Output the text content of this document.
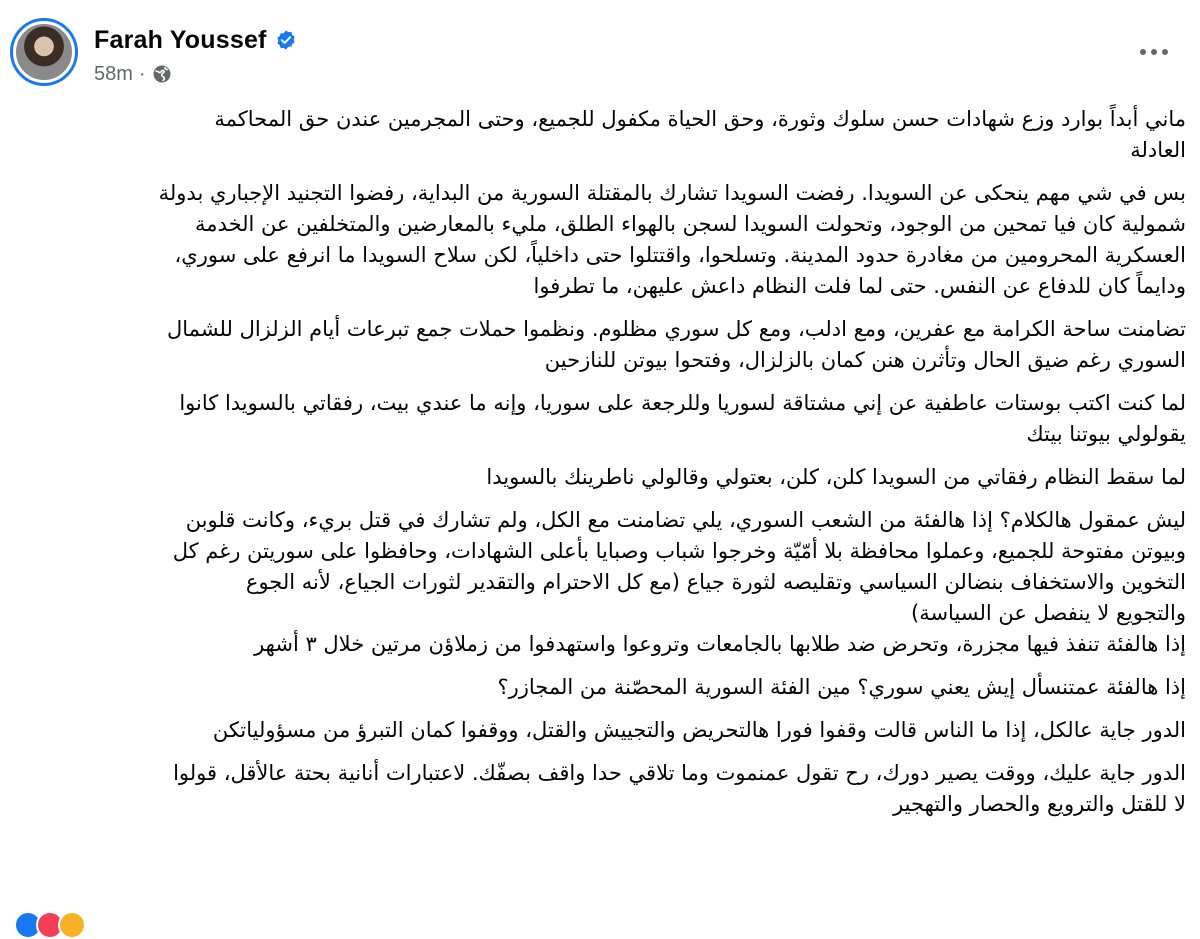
Farah Youssef
58m ·
ماني أبداً بوارد وزع شهادات حسن سلوك وثورة، وحق الحياة مكفول للجميع، وحتى المجرمين عندن حق المحاكمة
العادلة
بس في شي مهم ينحكى عن السويدا. رفضت السويدا تشارك بالمقتلة السورية من البداية، رفضوا التجنيد الإجباري بدولة
شمولية كان فيا تمحين من الوجود، وتحولت السويدا لسجن بالهواء الطلق، مليء بالمعارضين والمتخلفين عن الخدمة
العسكرية المحرومين من مغادرة حدود المدينة. وتسلحوا، واقتتلوا حتى داخلياً، لكن سلاح السويدا ما انرفع على سوري،
ودايماً كان للدفاع عن النفس. حتى لما فلت النظام داعش عليهن، ما تطرفوا
تضامنت ساحة الكرامة مع عفرين، ومع ادلب، ومع كل سوري مظلوم. ونظموا حملات جمع تبرعات أيام الزلزال للشمال
السوري رغم ضيق الحال وتأثرن هنن كمان بالزلزال، وفتحوا بيوتن للنازحين
لما كنت اكتب بوستات عاطفية عن إني مشتاقة لسوريا وللرجعة على سوريا، وإنه ما عندي بيت، رفقاتي بالسويدا كانوا
يقولولي بيوتنا بيتك
لما سقط النظام رفقاتي من السويدا كلن، كلن، بعتولي وقالولي ناطرينك بالسويدا
ليش عمقول هالكلام؟ إذا هالفئة من الشعب السوري، يلي تضامنت مع الكل، ولم تشارك في قتل بريء، وكانت قلوبن
وبيوتن مفتوحة للجميع، وعملوا محافظة بلا أمّيّة وخرجوا شباب وصبايا بأعلى الشهادات، وحافظوا على سوريتن رغم كل
التخوين والاستخفاف بنضالن السياسي وتقليصه لثورة جياع (مع كل الاحترام والتقدير لثورات الجياع، لأنه الجوع
والتجويع لا ينفصل عن السياسة)
إذا هالفئة تنفذ فيها مجزرة، وتحرض ضد طلابها بالجامعات وتروعوا واستهدفوا من زملاؤن مرتين خلال ٣ أشهر
إذا هالفئة عمتنسأل إيش يعني سوري؟ مين الفئة السورية المحصّنة من المجازر؟
الدور جاية عالكل، إذا ما الناس قالت وقفوا فورا هالتحريض والتجييش والقتل، ووقفوا كمان التبرؤ من مسؤولياتكن
الدور جاية عليك، ووقت يصير دورك، رح تقول عمنموت وما تلاقي حدا واقف بصفّك. لاعتبارات أنانية بحتة عالأقل، قولوا
لا للقتل والترويع والحصار والتهجير
